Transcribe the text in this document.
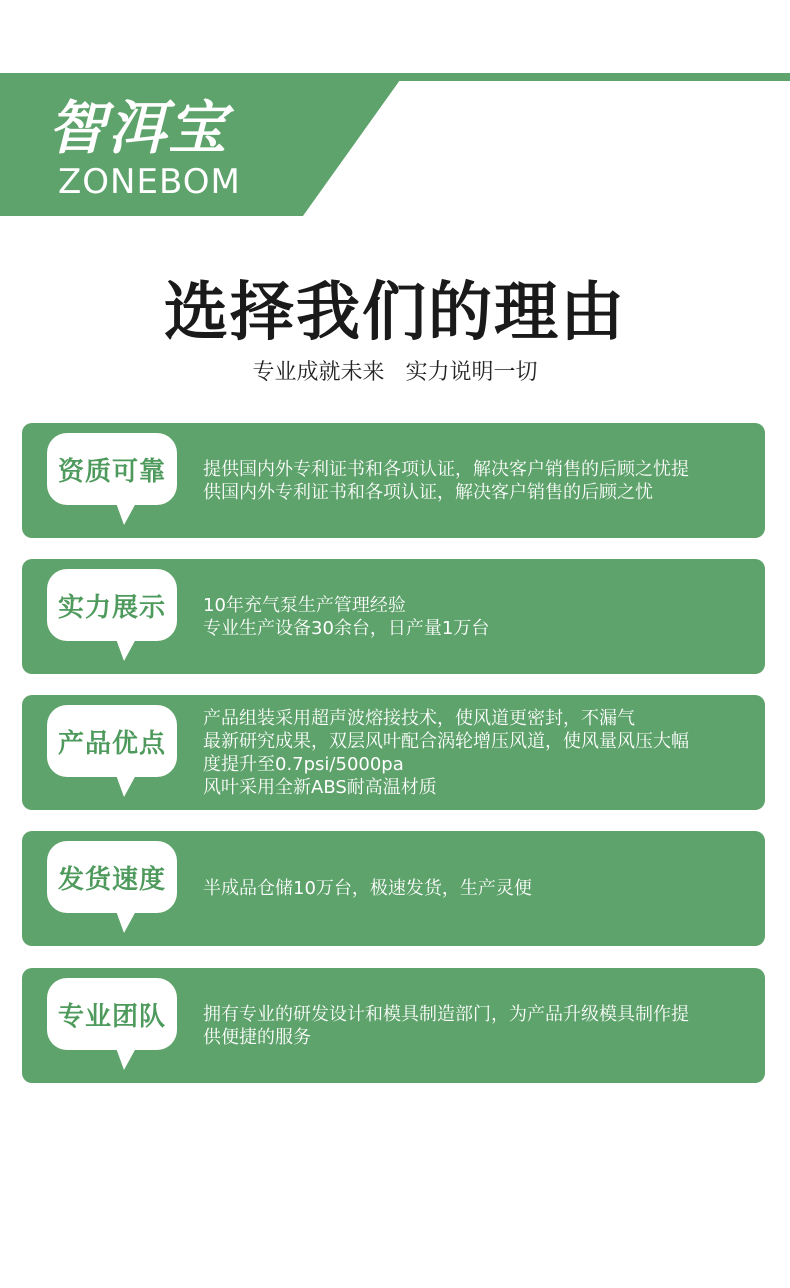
智洱宝
ZONEBOM
选择我们的理由
专业成就未来   实力说明一切
资质可靠 提供国内外专利证书和各项认证，解决客户销售的后顾之忧提
供国内外专利证书和各项认证，解决客户销售的后顾之忧
实力展示 10年充气泵生产管理经验
专业生产设备30余台，日产量1万台
产品优点
产品组装采用超声波熔接技术，使风道更密封，不漏气
最新研究成果，双层风叶配合涡轮增压风道，使风量风压大幅
度提升至0.7psi/5000pa
风叶采用全新ABS耐高温材质
发货速度 半成品仓储10万台，极速发货，生产灵便
专业团队 拥有专业的研发设计和模具制造部门，为产品升级模具制作提
供便捷的服务
